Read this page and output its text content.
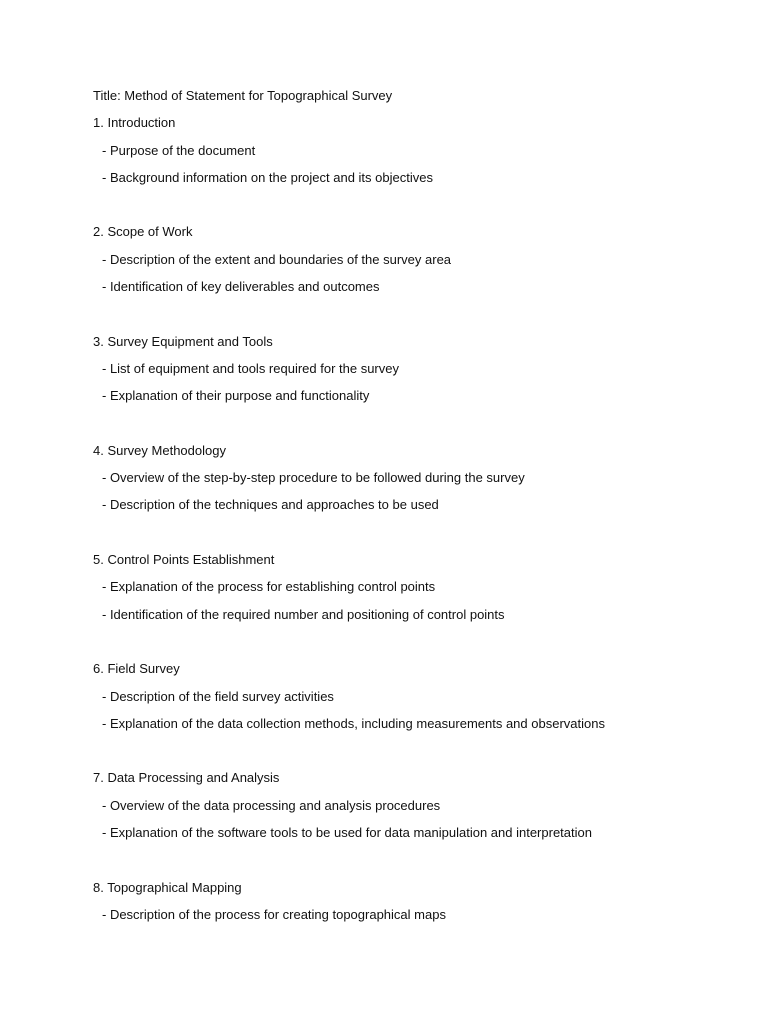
Title: Method of Statement for Topographical Survey
1. Introduction
- Purpose of the document
- Background information on the project and its objectives
2. Scope of Work
- Description of the extent and boundaries of the survey area
- Identification of key deliverables and outcomes
3. Survey Equipment and Tools
- List of equipment and tools required for the survey
- Explanation of their purpose and functionality
4. Survey Methodology
- Overview of the step-by-step procedure to be followed during the survey
- Description of the techniques and approaches to be used
5. Control Points Establishment
- Explanation of the process for establishing control points
- Identification of the required number and positioning of control points
6. Field Survey
- Description of the field survey activities
- Explanation of the data collection methods, including measurements and observations
7. Data Processing and Analysis
- Overview of the data processing and analysis procedures
- Explanation of the software tools to be used for data manipulation and interpretation
8. Topographical Mapping
- Description of the process for creating topographical maps
